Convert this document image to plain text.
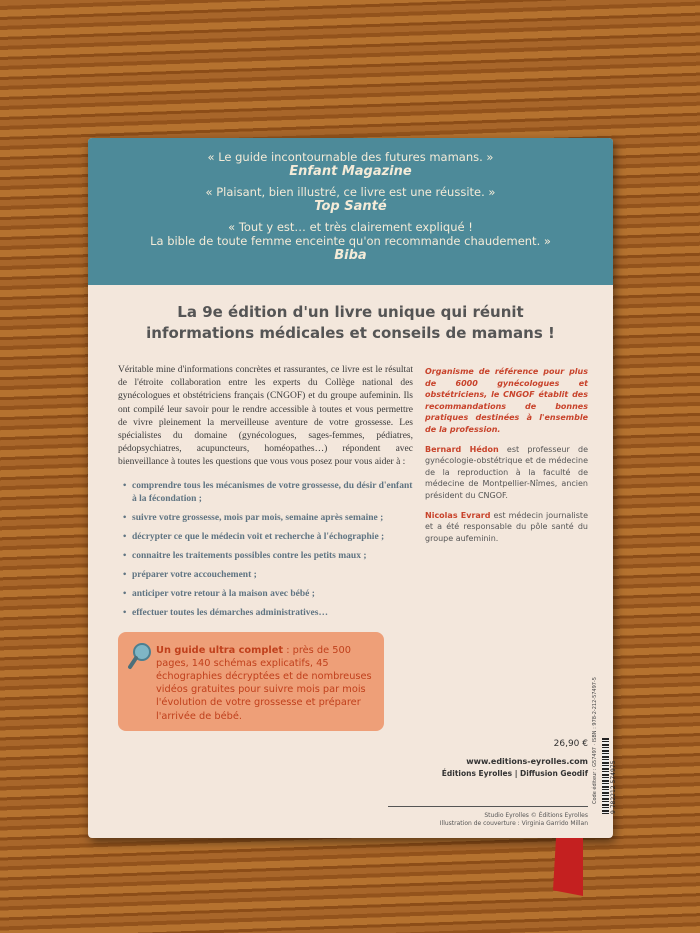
« Le guide incontournable des futures mamans. »
Enfant Magazine
« Plaisant, bien illustré, ce livre est une réussite. »
Top Santé
« Tout y est… et très clairement expliqué !
La bible de toute femme enceinte qu'on recommande chaudement. »
Biba
La 9e édition d'un livre unique qui réunit
informations médicales et conseils de mamans !
Véritable mine d'informations concrètes et rassurantes, ce livre est le résultat de l'étroite collaboration entre les experts du Collège national des gynécologues et obstétriciens français (CNGOF) et du groupe aufeminin. Ils ont compilé leur savoir pour le rendre accessible à toutes et vous permettre de vivre pleinement la merveilleuse aventure de votre grossesse. Les spécialistes du domaine (gynécologues, sages-femmes, pédiatres, pédopsychiatres, acupuncteurs, homéopathes…) répondent avec bienveillance à toutes les questions que vous vous posez pour vous aider à :
• comprendre tous les mécanismes de votre grossesse, du désir d'enfant à la fécondation ;
• suivre votre grossesse, mois par mois, semaine après semaine ;
• décrypter ce que le médecin voit et recherche à l'échographie ;
• connaitre les traitements possibles contre les petits maux ;
• préparer votre accouchement ;
• anticiper votre retour à la maison avec bébé ;
• effectuer toutes les démarches administratives…
Un guide ultra complet : près de 500 pages, 140 schémas explicatifs, 45 échographies décryptées et de nombreuses vidéos gratuites pour suivre mois par mois l'évolution de votre grossesse et préparer l'arrivée de bébé.
Organisme de référence pour plus de 6000 gynécologues et obstétriciens, le CNGOF établit des recommandations de bonnes pratiques destinées à l'ensemble de la profession.

Bernard Hédon est professeur de gynécologie-obstétrique et de médecine de la reproduction à la faculté de médecine de Montpellier-Nîmes, ancien président du CNGOF.

Nicolas Evrard est médecin journaliste et a été responsable du pôle santé du groupe aufeminin.

26,90 €
www.editions-eyrolles.com
Éditions Eyrolles | Diffusion Geodif
Studio Eyrolles © Éditions Eyrolles
Illustration de couverture : Virginia Garrido Millan
Code éditeur : G57497 · ISBN : 978-2-212-57497-5 9 782212 574975
